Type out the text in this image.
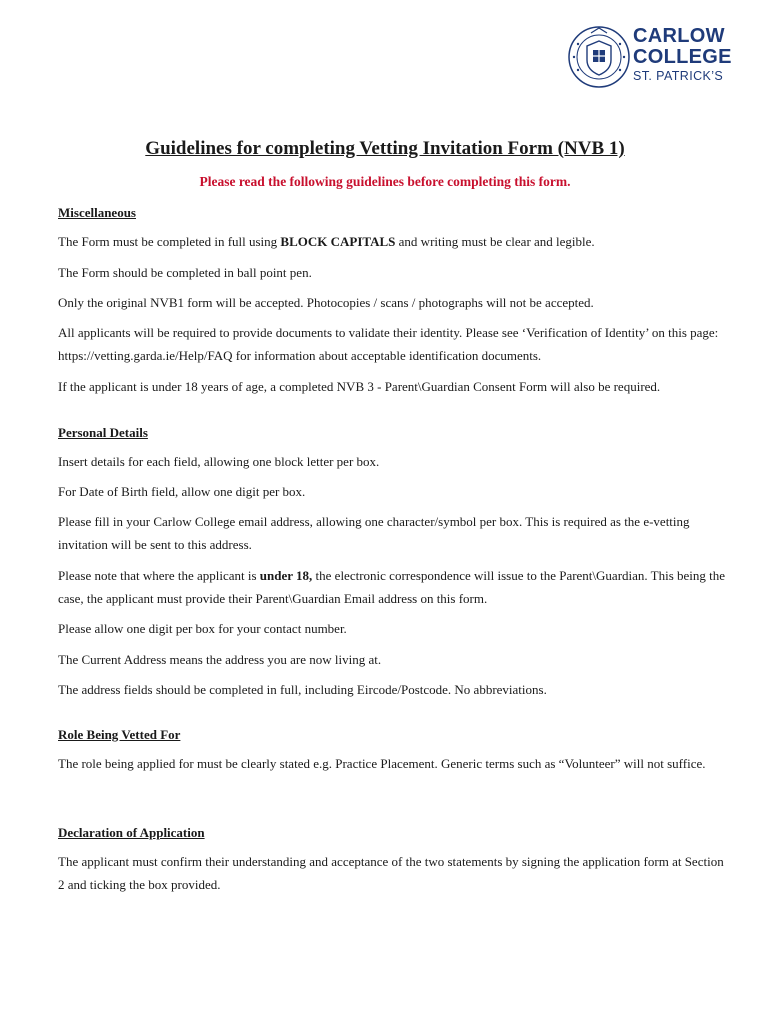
CARLOW
COLLEGE
ST. PATRICK’S
Guidelines for completing Vetting Invitation Form (NVB 1)
Please read the following guidelines before completing this form.
Miscellaneous
The Form must be completed in full using BLOCK CAPITALS and writing must be clear and legible.
The Form should be completed in ball point pen.
Only the original NVB1 form will be accepted. Photocopies / scans / photographs will not be accepted.
All applicants will be required to provide documents to validate their identity. Please see ‘Verification of Identity’ on this page: https://vetting.garda.ie/Help/FAQ for information about acceptable identification documents.
If the applicant is under 18 years of age, a completed NVB 3 - Parent\Guardian Consent Form will also be required.
Personal Details
Insert details for each field, allowing one block letter per box.
For Date of Birth field, allow one digit per box.
Please fill in your Carlow College email address, allowing one character/symbol per box. This is required as the e-vetting invitation will be sent to this address.
Please note that where the applicant is under 18, the electronic correspondence will issue to the Parent\Guardian. This being the case, the applicant must provide their Parent\Guardian Email address on this form.
Please allow one digit per box for your contact number.
The Current Address means the address you are now living at.
The address fields should be completed in full, including Eircode/Postcode. No abbreviations.
Role Being Vetted For
The role being applied for must be clearly stated e.g. Practice Placement. Generic terms such as “Volunteer” will not suffice.
Declaration of Application
The applicant must confirm their understanding and acceptance of the two statements by signing the application form at Section 2 and ticking the box provided.
